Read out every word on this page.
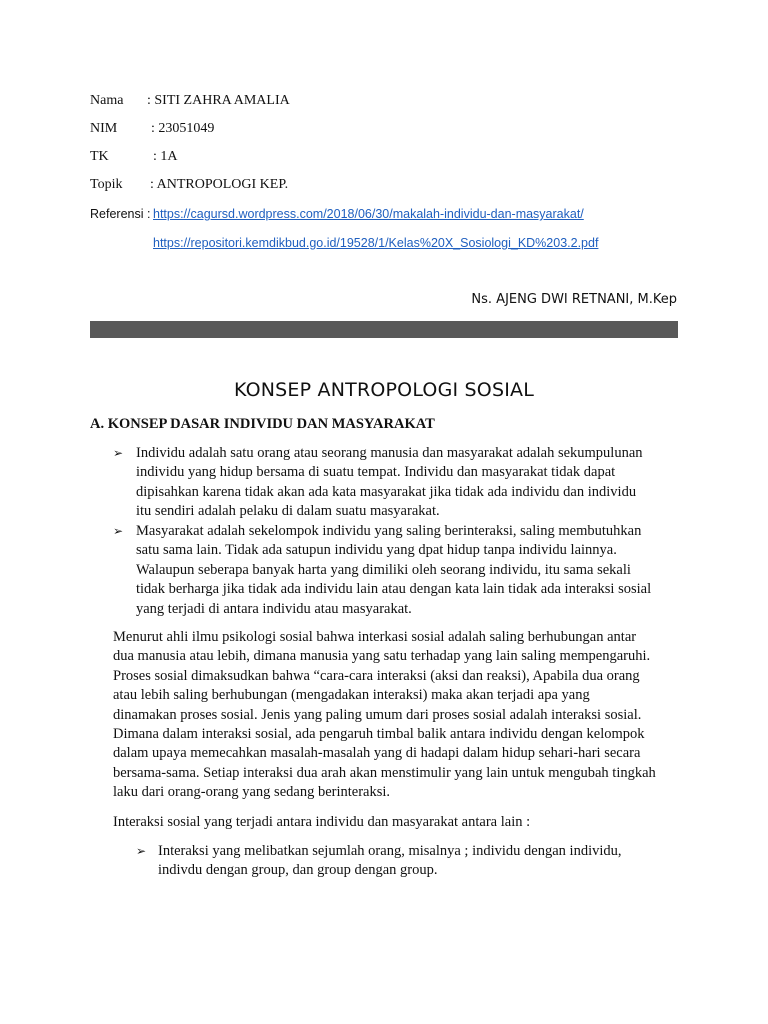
Nama : SITI ZAHRA AMALIA
NIM : 23051049
TK	: 1A
Topik : ANTROPOLOGI KEP.
Referensi : https://cagursd.wordpress.com/2018/06/30/makalah-individu-dan-masyarakat/
https://repositori.kemdikbud.go.id/19528/1/Kelas%20X_Sosiologi_KD%203.2.pdf
Ns. AJENG DWI RETNANI, M.Kep
KONSEP ANTROPOLOGI SOSIAL
A. KONSEP DASAR INDIVIDU DAN MASYARAKAT
➢ Individu adalah satu orang atau seorang manusia dan masyarakat adalah sekumpulunan
individu yang hidup bersama di suatu tempat. Individu dan masyarakat tidak dapat
dipisahkan karena tidak akan ada kata masyarakat jika tidak ada individu dan individu
itu sendiri adalah pelaku di dalam suatu masyarakat.
➢ Masyarakat adalah sekelompok individu yang saling berinteraksi, saling membutuhkan
satu sama lain. Tidak ada satupun individu yang dpat hidup tanpa individu lainnya.
Walaupun seberapa banyak harta yang dimiliki oleh seorang individu, itu sama sekali
tidak berharga jika tidak ada individu lain atau dengan kata lain tidak ada interaksi sosial
yang terjadi di antara individu atau masyarakat.
Menurut ahli ilmu psikologi sosial bahwa interkasi sosial adalah saling berhubungan antar
dua manusia atau lebih, dimana manusia yang satu terhadap yang lain saling mempengaruhi.
Proses sosial dimaksudkan bahwa “cara-cara interaksi (aksi dan reaksi), Apabila dua orang
atau lebih saling berhubungan (mengadakan interaksi) maka akan terjadi apa yang
dinamakan proses sosial. Jenis yang paling umum dari proses sosial adalah interaksi sosial.
Dimana dalam interaksi sosial, ada pengaruh timbal balik antara individu dengan kelompok
dalam upaya memecahkan masalah-masalah yang di hadapi dalam hidup sehari-hari secara
bersama-sama. Setiap interaksi dua arah akan menstimulir yang lain untuk mengubah tingkah
laku dari orang-orang yang sedang berinteraksi.
Interaksi sosial yang terjadi antara individu dan masyarakat antara lain :
➢ Interaksi yang melibatkan sejumlah orang, misalnya ; individu dengan individu,
indivdu dengan group, dan group dengan group.
